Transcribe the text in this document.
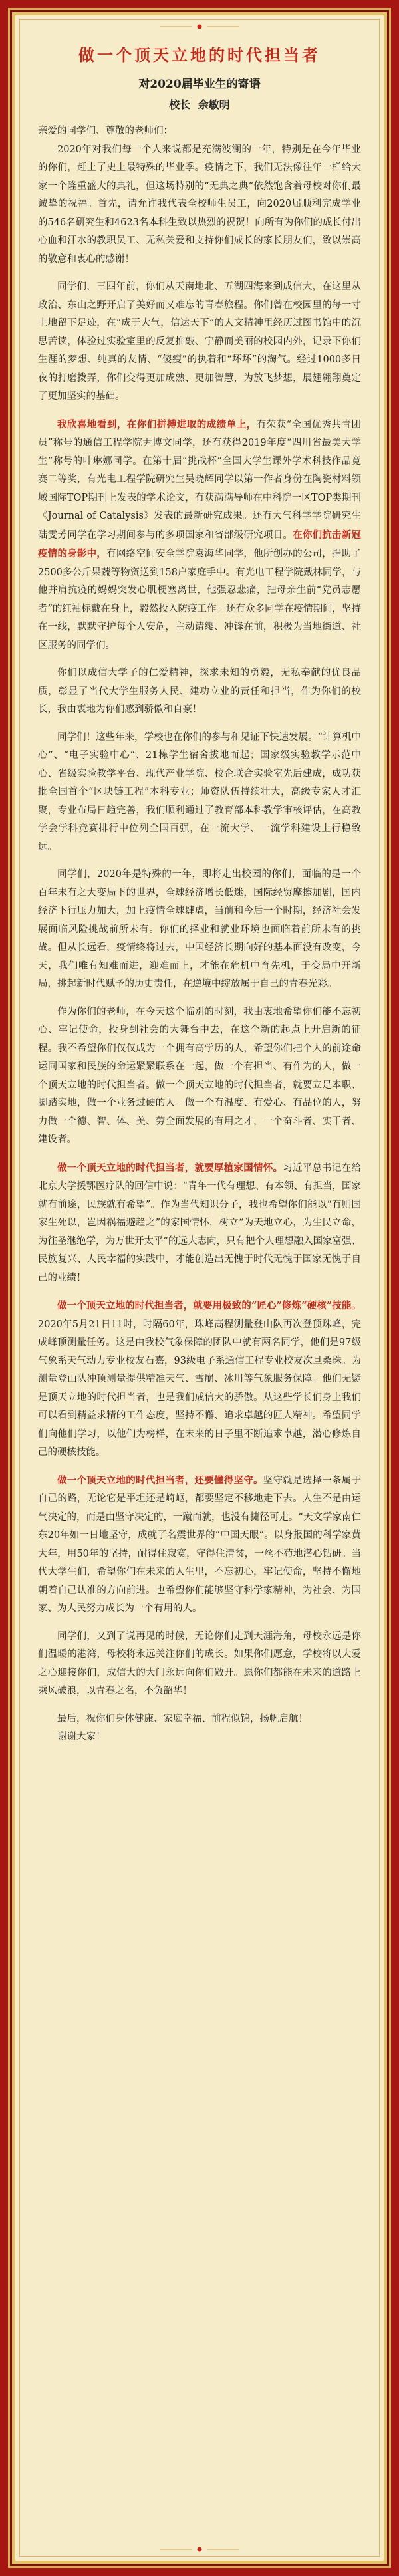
做一个顶天立地的时代担当者

对2020届毕业生的寄语

校长 余敏明

亲爱的同学们、尊敬的老师们：

2020年对我们每一个人来说都是充满波澜的一年，特别是在今年毕业的你们，赶上了史上最特殊的毕业季。疫情之下，我们无法像往年一样给大家一个隆重盛大的典礼，但这场特别的“无典之典”依然饱含着母校对你们最诚挚的祝福。首先，请允许我代表全校师生员工，向2020届顺利完成学业的546名研究生和4623名本科生致以热烈的祝贺！向所有为你们的成长付出心血和汗水的教职员工、无私关爱和支持你们成长的家长朋友们，致以崇高的敬意和衷心的感谢！

同学们，三四年前，你们从天南地北、五湖四海来到成信大，在这里从政治、东山之野开启了美好而又难忘的青春旅程。你们曾在校园里的每一寸土地留下足迹，在“成于大气，信达天下”的人文精神里经历过图书馆中的沉思苦读，体验过实验室里的反复推敲、宁静而美丽的校园内外，记录下你们生涯的梦想、纯真的友情、“傻瘦”的执着和“坏坏”的淘气。经过1000多日夜的打磨拨弄，你们变得更加成熟、更加智慧，为放飞梦想，展翅翱翔奠定了更加坚实的基础。

我欣喜地看到，在你们拼搏进取的成绩单上，有荣获“全国优秀共青团员”称号的通信工程学院尹博文同学，还有获得2019年度“四川省最美大学生”称号的叶琳娜同学。在第十届“挑战杯”全国大学生课外学术科技作品竞赛二等奖，有光电工程学院研究生吴晓辉同学以第一作者身份在陶瓷材料领域国际TOP期刊上发表的学术论文，有获满满导师在中科院一区TOP类期刊《Journal of Catalysis》发表的最新研究成果。还有大气科学学院研究生陆雯芳同学在学习期间参与的多项国家和省部级研究项目。在你们抗击新冠疫情的身影中，有网络空间安全学院袁海华同学，他所创办的公司，捐助了2500多公斤果蔬等物资送到158户家庭手中。有光电工程学院戴林同学，与他并肩抗疫的妈妈突发心肌梗塞离世，他强忍悲痛，把母亲生前“党员志愿者”的红袖标戴在身上，毅然投入防疫工作。还有众多同学在疫情期间，坚持在一线，默默守护每个人安危，主动请缨、冲锋在前，积极为当地街道、社区服务的同学们。

你们以成信大学子的仁爱精神，探求未知的勇毅，无私奉献的优良品质，彰显了当代大学生服务人民、建功立业的责任和担当，作为你们的校长，我由衷地为你们感到骄傲和自豪！

同学们！这些年来，学校也在你们的参与和见证下快速发展。“计算机中心”、“电子实验中心”、21栋学生宿舍拔地而起；国家级实验教学示范中心、省级实验教学平台、现代产业学院、校企联合实验室先后建成，成功获批全国首个“区块链工程”本科专业；师资队伍持续壮大，高级专家人才汇聚，专业布局日趋完善，我们顺利通过了教育部本科教学审核评估，在高教学会学科竞赛排行中位列全国百强，在一流大学、一流学科建设上行稳致远。

同学们，2020年是特殊的一年，即将走出校园的你们，面临的是一个百年未有之大变局下的世界，全球经济增长低迷，国际经贸摩擦加剧，国内经济下行压力加大，加上疫情全球肆虐，当前和今后一个时期，经济社会发展面临风险挑战前所未有。你们的择业和就业环境也面临着前所未有的挑战。但从长远看，疫情终将过去，中国经济长期向好的基本面没有改变，今天，我们唯有知难而进，迎难而上，才能在危机中育先机，于变局中开新局，挑起新时代赋予的历史责任，在逆境中绽放属于自己的青春光彩。

作为你们的老师，在今天这个临别的时刻，我由衷地希望你们能不忘初心、牢记使命，投身到社会的大舞台中去，在这个新的起点上开启新的征程。我不希望你们仅仅成为一个拥有高学历的人，希望你们把个人的前途命运同国家和民族的命运紧紧联系在一起，做一个有担当、有作为的人，做一个顶天立地的时代担当者。做一个顶天立地的时代担当者，就要立足本职、脚踏实地，做一个业务过硬的人。做一个有温度、有爱心、有品位的人，努力做一个德、智、体、美、劳全面发展的有用之才，一个奋斗者、实干者、建设者。

做一个顶天立地的时代担当者，就要厚植家国情怀。习近平总书记在给北京大学援鄂医疗队的回信中说：“青年一代有理想、有本领、有担当，国家就有前途，民族就有希望”。作为当代知识分子，我也希望你们能以“有则国家生死以，岂因祸福避趋之”的家国情怀，树立“为天地立心，为生民立命，为往圣继绝学，为万世开太平”的远大志向，只有把个人理想融入国家富强、民族复兴、人民幸福的实践中，才能创造出无愧于时代无愧于国家无愧于自己的业绩！

做一个顶天立地的时代担当者，就要用极致的“匠心”修炼“硬核”技能。2020年5月21日11时，时隔60年，珠峰高程测量登山队再次登顶珠峰，完成峰顶测量任务。这是由我校气象保障的团队中就有两名同学，他们是97级气象系天气动力专业校友石嘉，93级电子系通信工程专业校友次旦桑珠。为测量登山队冲顶测量提供精准天气、雪崩、冰川等气象服务保障。他们无疑是顶天立地的时代担当者，也是我们成信大的骄傲。从这些学长们身上我们可以看到精益求精的工作态度，坚持不懈、追求卓越的匠人精神。希望同学们向他们学习，以他们为榜样，在未来的日子里不断追求卓越，潜心修炼自己的硬核技能。

做一个顶天立地的时代担当者，还要懂得坚守。坚守就是选择一条属于自己的路，无论它是平坦还是崎岖，都要坚定不移地走下去。人生不是由运气决定的，而是由坚守决定的，一蹴而就，也没有捷径可走。“天文学家南仁东20年如一日地坚守，成就了名震世界的“中国天眼”。以身报国的科学家黄大年，用50年的坚持，耐得住寂寞，守得住清贫，一丝不苟地潜心钻研。当代大学生们，希望你们在未来的人生里，不忘初心，牢记使命，坚持不懈地朝着自己认准的方向前进。也希望你们能够坚守科学家精神，为社会、为国家、为人民努力成长为一个有用的人。

同学们，又到了说再见的时候，无论你们走到天涯海角，母校永远是你们温暖的港湾，母校将永远关注你们的成长。如果你们愿意，学校将以大爱之心迎接你们，成信大的大门永远向你们敞开。愿你们都能在未来的道路上乘风破浪，以青春之名，不负韶华！

最后，祝你们身体健康、家庭幸福、前程似锦，扬帆启航！

谢谢大家！
